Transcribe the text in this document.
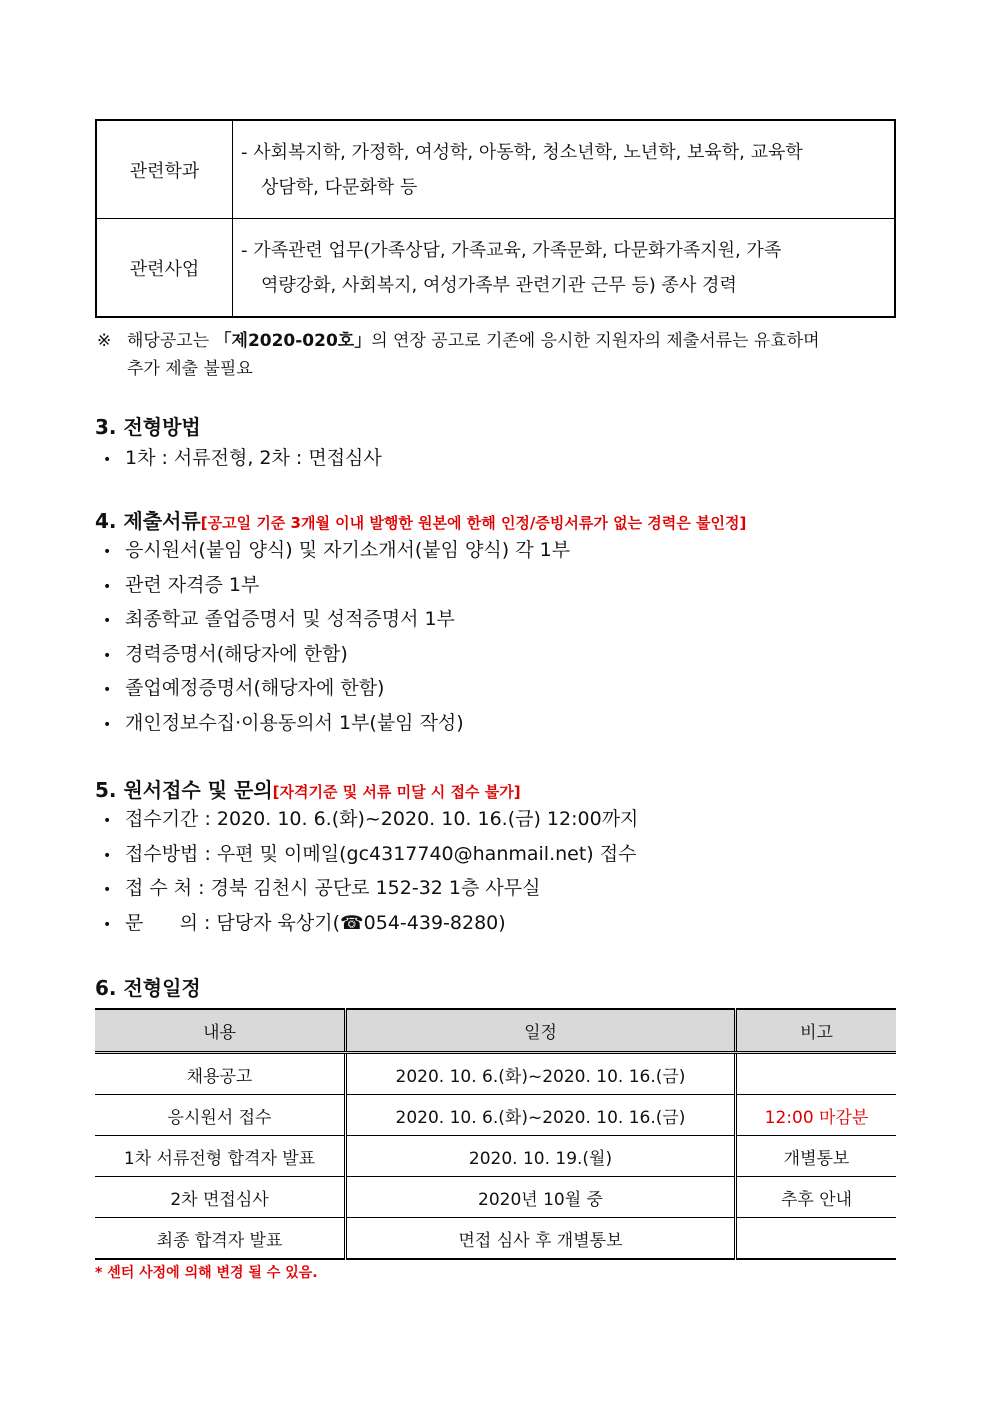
관련학과	- 사회복지학, 가정학, 여성학, 아동학, 청소년학, 노년학, 보육학, 교육학
상담학, 다문화학 등

관련사업	- 가족관련 업무(가족상담, 가족교육, 가족문화, 다문화가족지원, 가족
역량강화, 사회복지, 여성가족부 관련기관 근무 등) 종사 경력
※ 해당공고는 「제2020-020호」의 연장 공고로 기존에 응시한 지원자의 제출서류는 유효하며
추가 제출 불필요
3. 전형방법
• 1차 : 서류전형, 2차 : 면접심사
4. 제출서류[공고일 기준 3개월 이내 발행한 원본에 한해 인정/증빙서류가 없는 경력은 불인정]
• 응시원서(붙임 양식) 및 자기소개서(붙임 양식) 각 1부
• 관련 자격증 1부
• 최종학교 졸업증명서 및 성적증명서 1부
• 경력증명서(해당자에 한함)
• 졸업예정증명서(해당자에 한함)
• 개인정보수집·이용동의서 1부(붙임 작성)
5. 원서접수 및 문의[자격기준 및 서류 미달 시 접수 불가]
• 접수기간 : 2020. 10. 6.(화)~2020. 10. 16.(금) 12:00까지
• 접수방법 : 우편 및 이메일(gc4317740@hanmail.net) 접수
• 접 수 처 : 경북 김천시 공단로 152-32 1층 사무실
• 문      의 : 담당자 육상기(☎054-439-8280)
6. 전형일정
내용	일정	비고
채용공고	2020. 10. 6.(화)~2020. 10. 16.(금)	
응시원서 접수	2020. 10. 6.(화)~2020. 10. 16.(금)	12:00 마감분
1차 서류전형 합격자 발표	2020. 10. 19.(월)	개별통보
2차 면접심사	2020년 10월 중	추후 안내
최종 합격자 발표	면접 심사 후 개별통보	
* 센터 사정에 의해 변경 될 수 있음.
